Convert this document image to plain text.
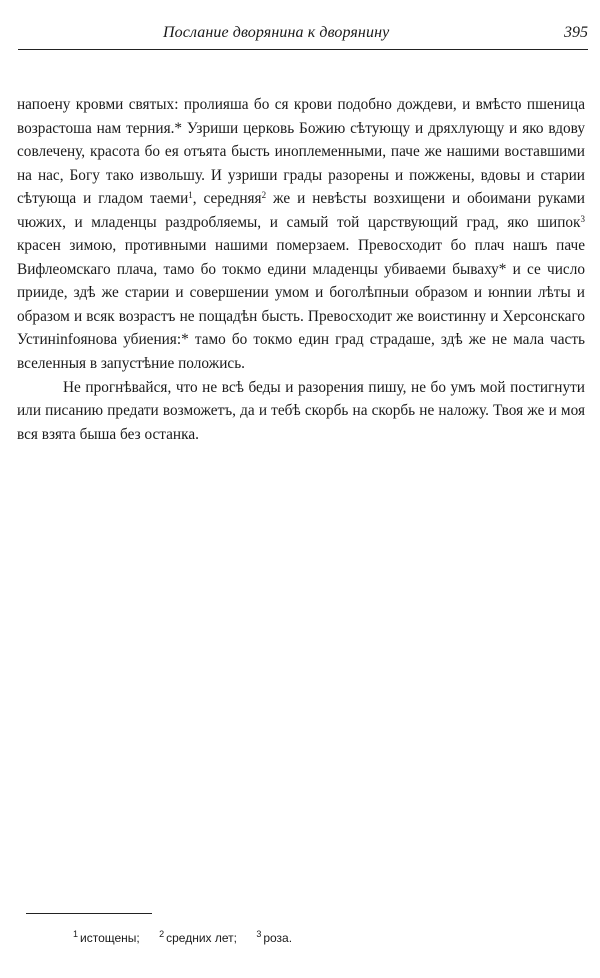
Послание дворянина к дворянину	395

напоену кровми святых: пролияша бо ся крови подобно дождеви, и вмѣсто пшеница возрастоша нам терния.* Узриши церковь Божию сѣтующу и дряхлующу и яко вдову совлечену, красота бо ея отъята бысть иноплеменными, паче же нашими воставшими на нас, Богу тако извольшу. И узриши грады разорены и пожжены, вдовы и старии сѣтующа и гладом таеми$^1$, середняя$^2$ же и невѣсты возхищени и обоимани руками чюжих, и младенцы раздробляемы, и самый той царствующий град, яко шипок$^3$ красен зимою, противными нашими померзаем. Превосходит бо плач нашъ паче Вифлеомскаго плача, тамо бо токмо едини младенцы убиваеми бываху* и се число прииде, здѣ же старии и совершении умом и боголѣпныи образом и юнnии лѣты и образом и всяк возрастъ не пощадѣн бысть. Превосходит же воистинну и Херсонскаго Устинinfoянова убиения:* тамо бо токмо един град страдаше, здѣ же не мала часть вселенныя в запустѣние положись.

Не прогнѣвайся, что не всѣ беды и разорения пишу, не бо умъ мой постигнути или писанию предати возможетъ, да и тебѣ скорбь на скорбь не наложу. Твоя же и моя вся взята быша без останка.

$^1$ истощены; $^2$ средних лет; $^3$ роза.
